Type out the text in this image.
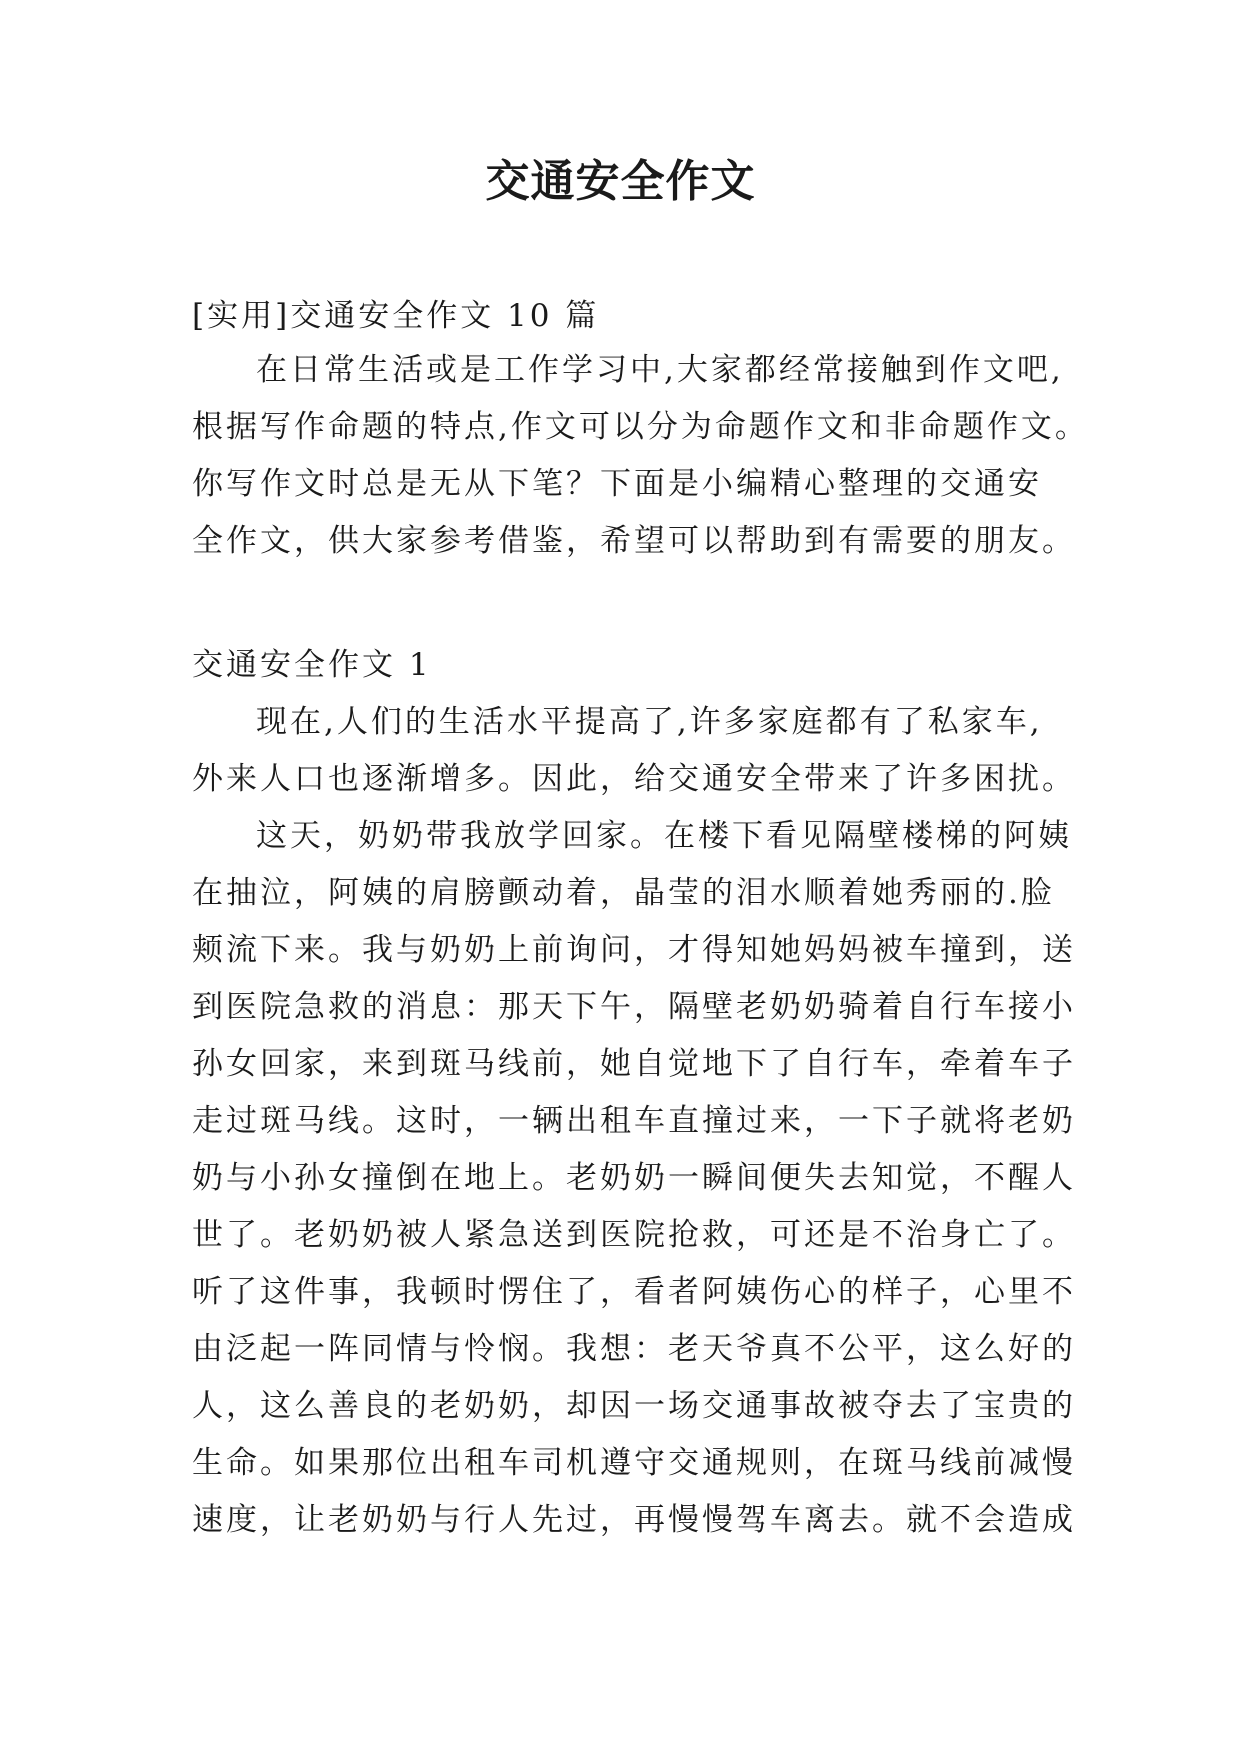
交通安全作文
[实用]交通安全作文 10 篇
在日常生活或是工作学习中,大家都经常接触到作文吧,
根据写作命题的特点,作文可以分为命题作文和非命题作文。
你写作文时总是无从下笔？下面是小编精心整理的交通安
全作文，供大家参考借鉴，希望可以帮助到有需要的朋友。
交通安全作文 1
现在,人们的生活水平提高了,许多家庭都有了私家车,
外来人口也逐渐增多。因此，给交通安全带来了许多困扰。
这天，奶奶带我放学回家。在楼下看见隔壁楼梯的阿姨
在抽泣，阿姨的肩膀颤动着，晶莹的泪水顺着她秀丽的.脸
颊流下来。我与奶奶上前询问，才得知她妈妈被车撞到，送
到医院急救的消息：那天下午，隔壁老奶奶骑着自行车接小
孙女回家，来到斑马线前，她自觉地下了自行车，牵着车子
走过斑马线。这时，一辆出租车直撞过来，一下子就将老奶
奶与小孙女撞倒在地上。老奶奶一瞬间便失去知觉，不醒人
世了。老奶奶被人紧急送到医院抢救，可还是不治身亡了。
听了这件事，我顿时愣住了，看者阿姨伤心的样子，心里不
由泛起一阵同情与怜悯。我想：老天爷真不公平，这么好的
人，这么善良的老奶奶，却因一场交通事故被夺去了宝贵的
生命。如果那位出租车司机遵守交通规则，在斑马线前减慢
速度，让老奶奶与行人先过，再慢慢驾车离去。就不会造成
